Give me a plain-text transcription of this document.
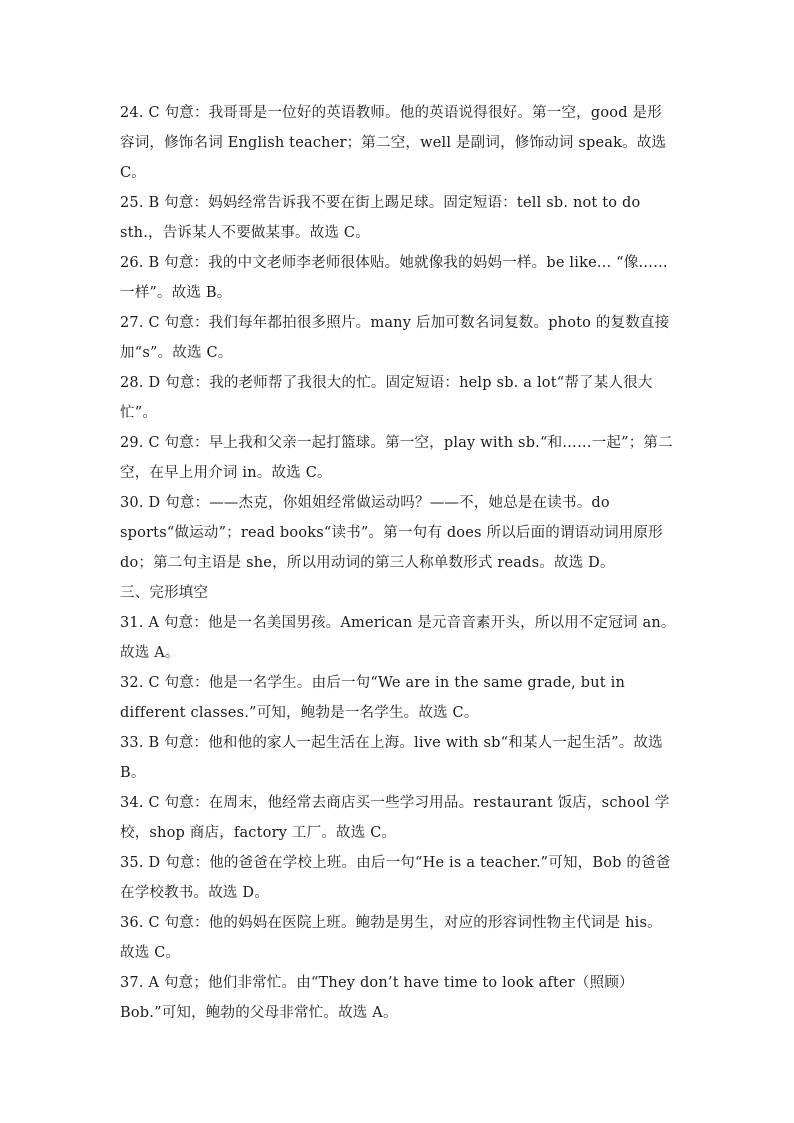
24. C 句意：我哥哥是一位好的英语教师。他的英语说得很好。第一空，good 是形容词，修饰名词 English teacher；第二空，well 是副词，修饰动词 speak。故选 C。

25. B 句意：妈妈经常告诉我不要在街上踢足球。固定短语：tell sb. not to do sth.，告诉某人不要做某事。故选 C。

26. B 句意：我的中文老师李老师很体贴。她就像我的妈妈一样。be like... “像……一样”。故选 B。

27. C 句意：我们每年都拍很多照片。many 后加可数名词复数。photo 的复数直接加“s”。故选 C。

28. D 句意：我的老师帮了我很大的忙。固定短语：help sb. a lot“帮了某人很大忙”。

29. C 句意：早上我和父亲一起打篮球。第一空，play with sb.“和……一起”；第二空，在早上用介词 in。故选 C。

30. D 句意：——杰克，你姐姐经常做运动吗？——不，她总是在读书。do sports“做运动”；read books“读书”。第一句有 does 所以后面的谓语动词用原形 do；第二句主语是 she，所以用动词的第三人称单数形式 reads。故选 D。

三、完形填空

31. A 句意：他是一名美国男孩。American 是元音音素开头，所以用不定冠词 an。故选 A。

32. C 句意：他是一名学生。由后一句“We are in the same grade, but in different classes.”可知，鲍勃是一名学生。故选 C。

33. B 句意：他和他的家人一起生活在上海。live with sb“和某人一起生活”。故选 B。

34. C 句意：在周末，他经常去商店买一些学习用品。restaurant 饭店，school 学校，shop 商店，factory 工厂。故选 C。

35. D 句意：他的爸爸在学校上班。由后一句“He is a teacher.”可知，Bob 的爸爸在学校教书。故选 D。

36. C 句意：他的妈妈在医院上班。鲍勃是男生，对应的形容词性物主代词是 his。故选 C。

37. A 句意；他们非常忙。由“They don’t have time to look after（照顾）Bob.”可知，鲍勃的父母非常忙。故选 A。
